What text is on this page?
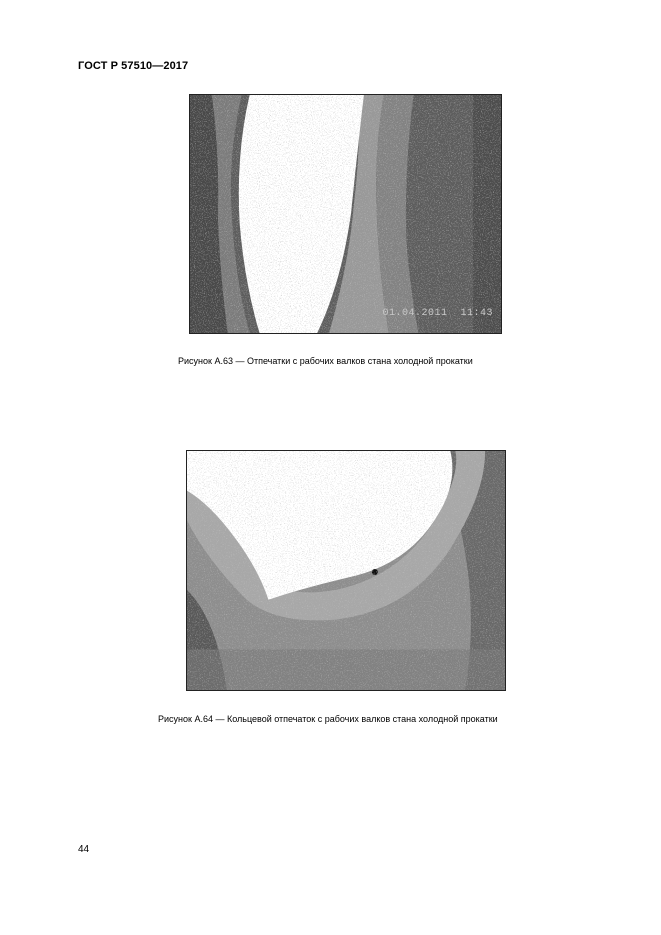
ГОСТ Р 57510—2017
01.04.2011  11:43
Рисунок А.63 — Отпечатки с рабочих валков стана холодной прокатки
Рисунок А.64 — Кольцевой отпечаток с рабочих валков стана холодной прокатки
44
